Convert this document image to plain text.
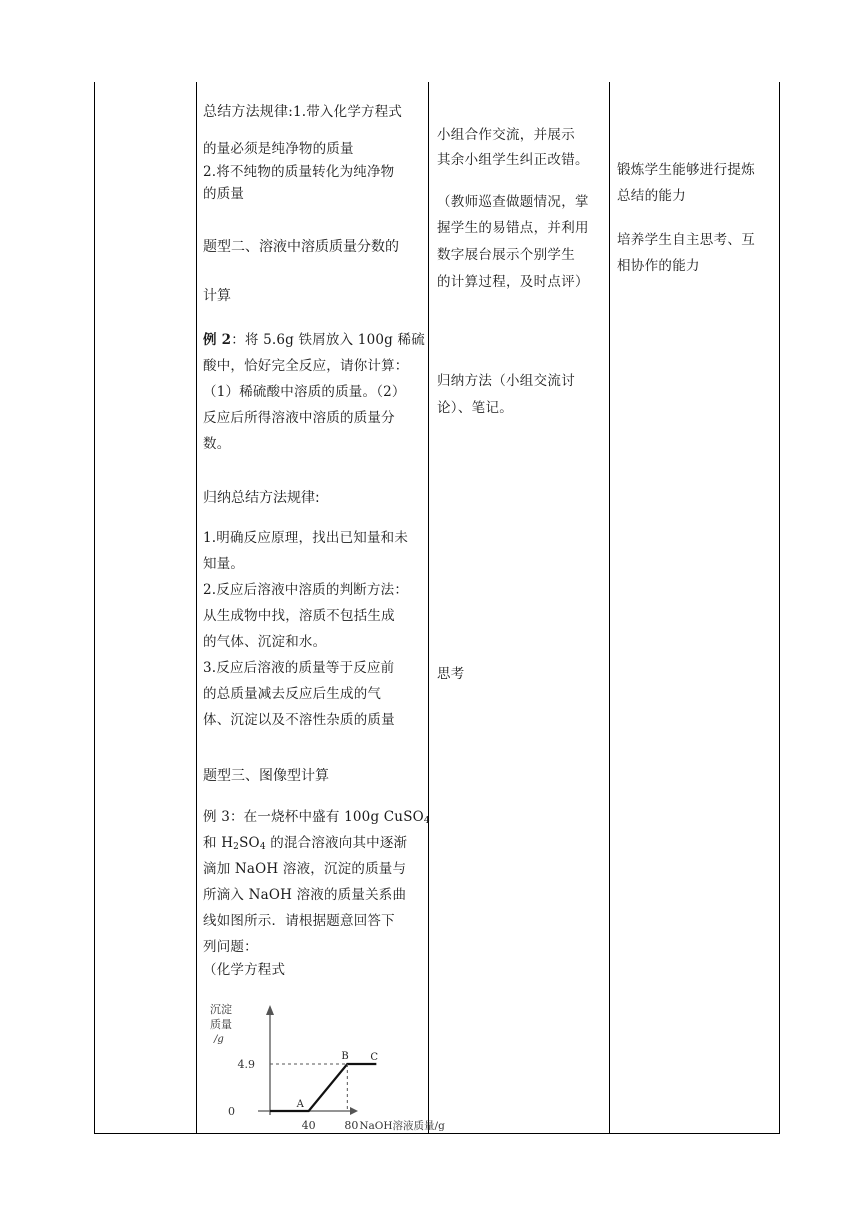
总结方法规律:1.带入化学方程式
的量必须是纯净物的质量
2.将不纯物的质量转化为纯净物
的质量
题型二、溶液中溶质质量分数的
计算
例 2：将 5.6g 铁屑放入 100g 稀硫
酸中，恰好完全反应，请你计算：
（1）稀硫酸中溶质的质量。（2）
反应后所得溶液中溶质的质量分
数。
归纳总结方法规律:
1.明确反应原理，找出已知量和未
知量。
2.反应后溶液中溶质的判断方法：
从生成物中找，溶质不包括生成
的气体、沉淀和水。
3.反应后溶液的质量等于反应前
的总质量减去反应后生成的气
体、沉淀以及不溶性杂质的质量
题型三、图像型计算
例 3：在一烧杯中盛有 100g CuSO$_4$
和 $H_2SO_4$ 的混合溶液向其中逐渐
滴加 NaOH 溶液，沉淀的质量与
所滴入 NaOH 溶液的质量关系曲
线如图所示．请根据题意回答下
列问题：
（化学方程式
沉淀
质量
/g
4.9
0
40	80 NaOH溶液质量/g
A
B C
小组合作交流，并展示
其余小组学生纠正改错。
（教师巡查做题情况，掌
握学生的易错点，并利用
数字展台展示个别学生
的计算过程，及时点评）
归纳方法（小组交流讨
论）、笔记。
思考
锻炼学生能够进行提炼
总结的能力
培养学生自主思考、互
相协作的能力
